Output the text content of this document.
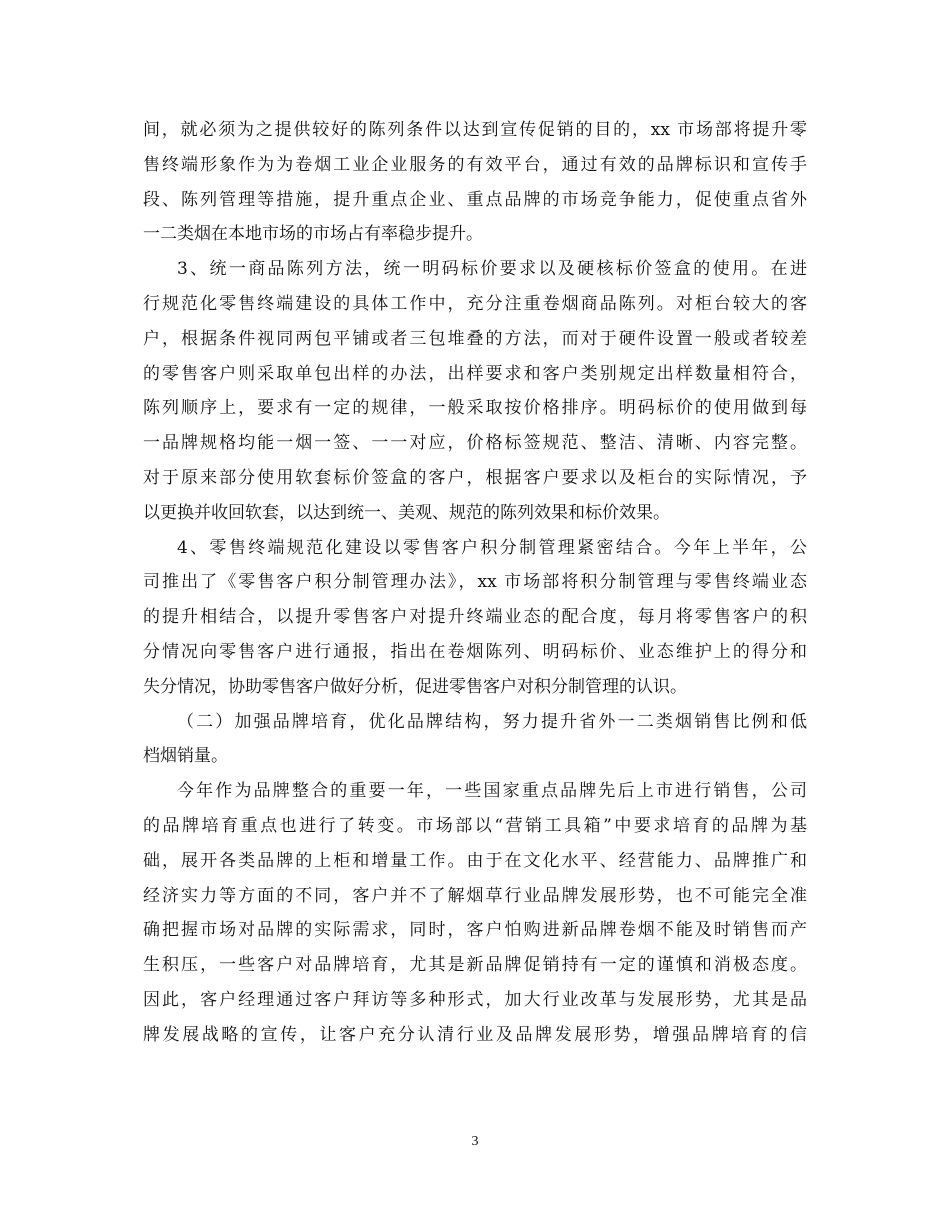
间，就必须为之提供较好的陈列条件以达到宣传促销的目的，xx 市场部将提升零
售终端形象作为为卷烟工业企业服务的有效平台，通过有效的品牌标识和宣传手
段、陈列管理等措施，提升重点企业、重点品牌的市场竞争能力，促使重点省外
一二类烟在本地市场的市场占有率稳步提升。
3、统一商品陈列方法，统一明码标价要求以及硬核标价签盒的使用。在进
行规范化零售终端建设的具体工作中，充分注重卷烟商品陈列。对柜台较大的客
户，根据条件视同两包平铺或者三包堆叠的方法，而对于硬件设置一般或者较差
的零售客户则采取单包出样的办法，出样要求和客户类别规定出样数量相符合，
陈列顺序上，要求有一定的规律，一般采取按价格排序。明码标价的使用做到每
一品牌规格均能一烟一签、一一对应，价格标签规范、整洁、清晰、内容完整。
对于原来部分使用软套标价签盒的客户，根据客户要求以及柜台的实际情况，予
以更换并收回软套，以达到统一、美观、规范的陈列效果和标价效果。
4、零售终端规范化建设以零售客户积分制管理紧密结合。今年上半年，公
司推出了《零售客户积分制管理办法》，xx 市场部将积分制管理与零售终端业态
的提升相结合，以提升零售客户对提升终端业态的配合度，每月将零售客户的积
分情况向零售客户进行通报，指出在卷烟陈列、明码标价、业态维护上的得分和
失分情况，协助零售客户做好分析，促进零售客户对积分制管理的认识。
（二）加强品牌培育，优化品牌结构，努力提升省外一二类烟销售比例和低
档烟销量。
今年作为品牌整合的重要一年，一些国家重点品牌先后上市进行销售，公司
的品牌培育重点也进行了转变。市场部以“营销工具箱”中要求培育的品牌为基
础，展开各类品牌的上柜和增量工作。由于在文化水平、经营能力、品牌推广和
经济实力等方面的不同，客户并不了解烟草行业品牌发展形势，也不可能完全准
确把握市场对品牌的实际需求，同时，客户怕购进新品牌卷烟不能及时销售而产
生积压，一些客户对品牌培育，尤其是新品牌促销持有一定的谨慎和消极态度。
因此，客户经理通过客户拜访等多种形式，加大行业改革与发展形势，尤其是品
牌发展战略的宣传，让客户充分认清行业及品牌发展形势，增强品牌培育的信
3
